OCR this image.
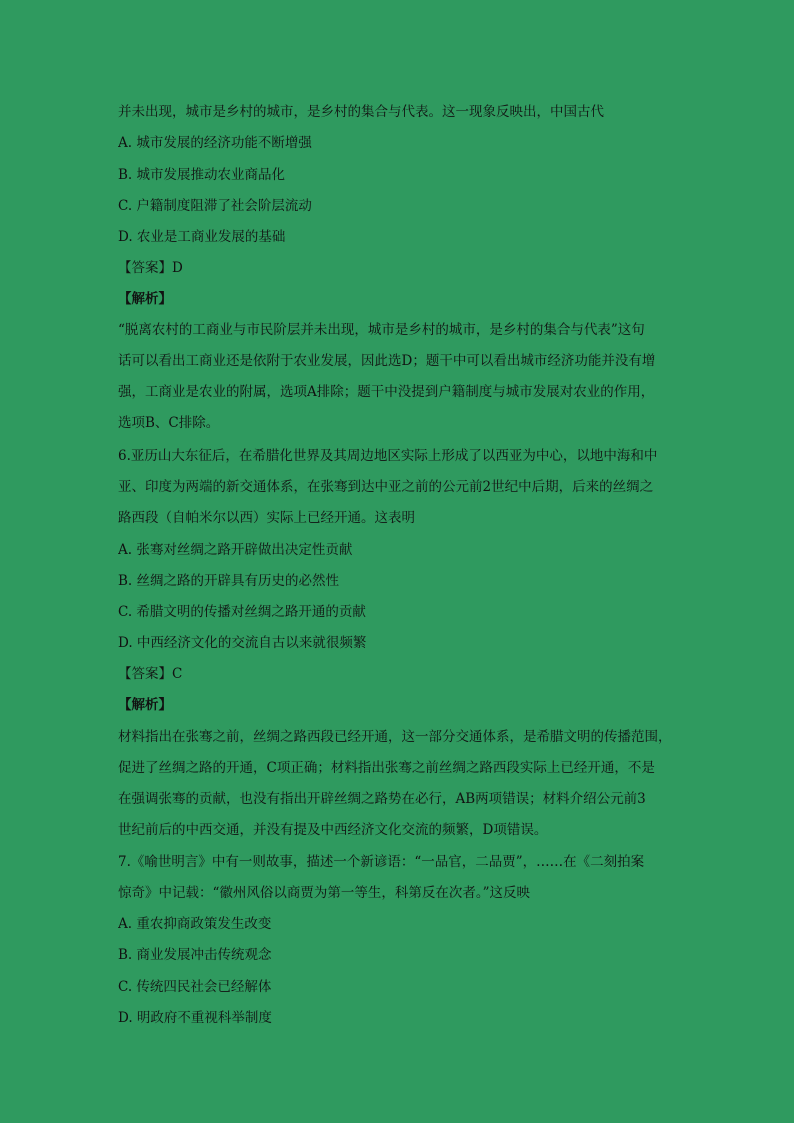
并未出现，城市是乡村的城市，是乡村的集合与代表。这一现象反映出，中国古代
A. 城市发展的经济功能不断增强
B. 城市发展推动农业商品化
C. 户籍制度阻滞了社会阶层流动
D. 农业是工商业发展的基础
【答案】D
【解析】
“脱离农村的工商业与市民阶层并未出现，城市是乡村的城市，是乡村的集合与代表”这句
话可以看出工商业还是依附于农业发展，因此选D；题干中可以看出城市经济功能并没有增
强，工商业是农业的附属，选项A排除；题干中没提到户籍制度与城市发展对农业的作用，
选项B、C排除。
6.亚历山大东征后，在希腊化世界及其周边地区实际上形成了以西亚为中心，以地中海和中
亚、印度为两端的新交通体系，在张骞到达中亚之前的公元前2世纪中后期，后来的丝绸之
路西段（自帕米尔以西）实际上已经开通。这表明
A. 张骞对丝绸之路开辟做出决定性贡献
B. 丝绸之路的开辟具有历史的必然性
C. 希腊文明的传播对丝绸之路开通的贡献
D. 中西经济文化的交流自古以来就很频繁
【答案】C
【解析】
材料指出在张骞之前，丝绸之路西段已经开通，这一部分交通体系，是希腊文明的传播范围，
促进了丝绸之路的开通，C项正确；材料指出张骞之前丝绸之路西段实际上已经开通，不是
在强调张骞的贡献，也没有指出开辟丝绸之路势在必行，AB两项错误；材料介绍公元前3
世纪前后的中西交通，并没有提及中西经济文化交流的频繁，D项错误。
7.《喻世明言》中有一则故事，描述一个新谚语：“一品官，二品贾”，……在《二刻拍案
惊奇》中记载：“徽州风俗以商贾为第一等生，科第反在次者。”这反映
A. 重农抑商政策发生改变
B. 商业发展冲击传统观念
C. 传统四民社会已经解体
D. 明政府不重视科举制度
